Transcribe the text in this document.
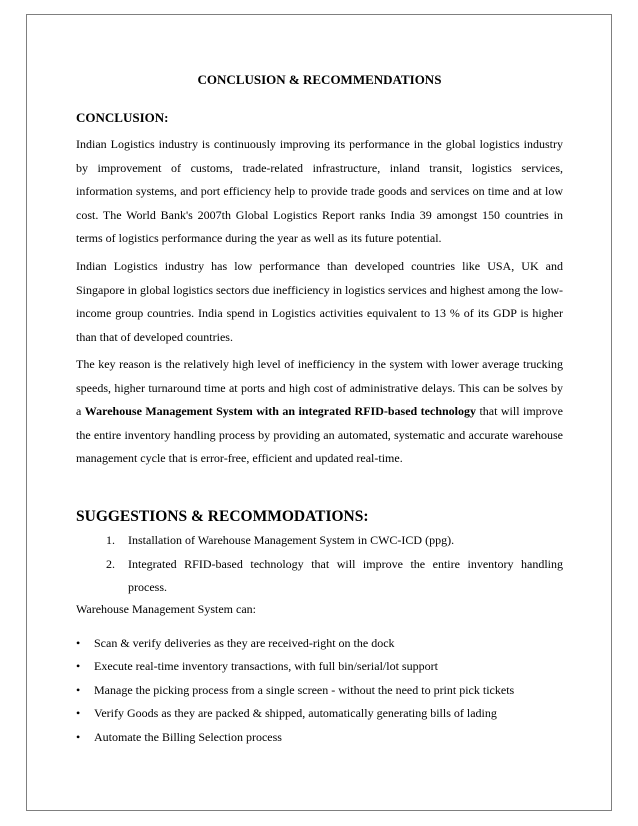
CONCLUSION & RECOMMENDATIONS
CONCLUSION:

Indian Logistics industry is continuously improving its performance in the global logistics industry by improvement of customs, trade-related infrastructure, inland transit, logistics services, information systems, and port efficiency help to provide trade goods and services on time and at low cost. The World Bank's 2007th Global Logistics Report ranks India 39 amongst 150 countries in terms of logistics performance during the year as well as its future potential.

Indian Logistics industry has low performance than developed countries like USA, UK and Singapore in global logistics sectors due inefficiency in logistics services and highest among the low-income group countries. India spend in Logistics activities equivalent to 13 % of its GDP is higher than that of developed countries.

The key reason is the relatively high level of inefficiency in the system with lower average trucking speeds, higher turnaround time at ports and high cost of administrative delays. This can be solves by a Warehouse Management System with an integrated RFID-based technology that will improve the entire inventory handling process by providing an automated, systematic and accurate warehouse management cycle that is error-free, efficient and updated real-time.

SUGGESTIONS & RECOMMODATIONS:
1. Installation of Warehouse Management System in CWC-ICD (ppg).
2. Integrated RFID-based technology that will improve the entire inventory handling process.

Warehouse Management System can:

• Scan & verify deliveries as they are received-right on the dock
• Execute real-time inventory transactions, with full bin/serial/lot support
• Manage the picking process from a single screen - without the need to print pick tickets
• Verify Goods as they are packed & shipped, automatically generating bills of lading
• Automate the Billing Selection process
